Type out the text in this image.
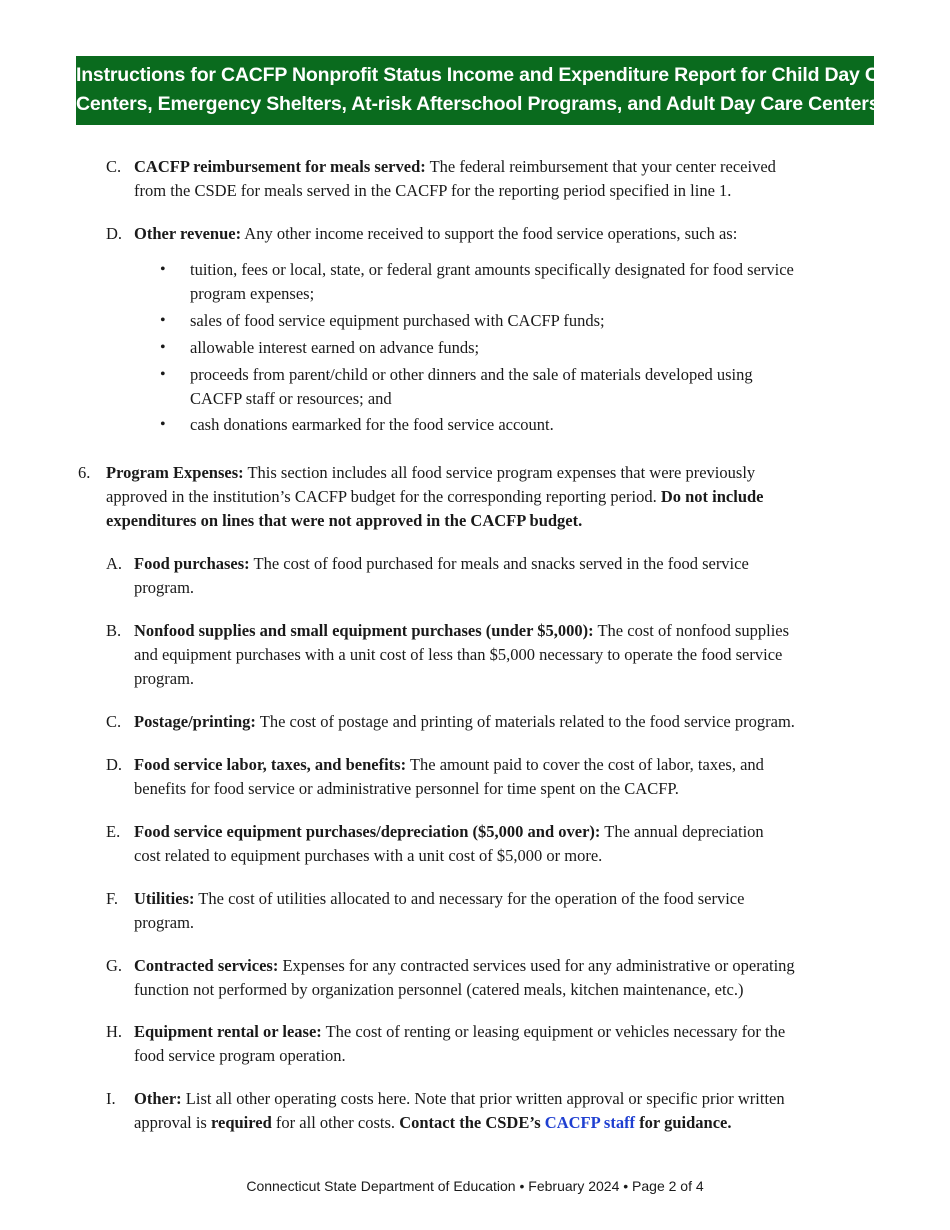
Instructions for CACFP Nonprofit Status Income and Expenditure Report for Child Day Care
Centers, Emergency Shelters, At-risk Afterschool Programs, and Adult Day Care Centers
C. CACFP reimbursement for meals served: The federal reimbursement that your center received
from the CSDE for meals served in the CACFP for the reporting period specified in line 1.
D. Other revenue: Any other income received to support the food service operations, such as:
• tuition, fees or local, state, or federal grant amounts specifically designated for food service
program expenses;
• sales of food service equipment purchased with CACFP funds;
• allowable interest earned on advance funds;
• proceeds from parent/child or other dinners and the sale of materials developed using
CACFP staff or resources; and
• cash donations earmarked for the food service account.
6. Program Expenses: This section includes all food service program expenses that were previously
approved in the institution’s CACFP budget for the corresponding reporting period. Do not include
expenditures on lines that were not approved in the CACFP budget.
A. Food purchases: The cost of food purchased for meals and snacks served in the food service
program.
B. Nonfood supplies and small equipment purchases (under $5,000): The cost of nonfood supplies
and equipment purchases with a unit cost of less than $5,000 necessary to operate the food service
program.
C. Postage/printing: The cost of postage and printing of materials related to the food service program.
D. Food service labor, taxes, and benefits: The amount paid to cover the cost of labor, taxes, and
benefits for food service or administrative personnel for time spent on the CACFP.
E. Food service equipment purchases/depreciation ($5,000 and over): The annual depreciation
cost related to equipment purchases with a unit cost of $5,000 or more.
F. Utilities: The cost of utilities allocated to and necessary for the operation of the food service
program.
G. Contracted services: Expenses for any contracted services used for any administrative or operating
function not performed by organization personnel (catered meals, kitchen maintenance, etc.)
H. Equipment rental or lease: The cost of renting or leasing equipment or vehicles necessary for the
food service program operation.
I. Other: List all other operating costs here. Note that prior written approval or specific prior written
approval is required for all other costs. Contact the CSDE’s CACFP staff for guidance.
Connecticut State Department of Education • February 2024 • Page 2 of 4
